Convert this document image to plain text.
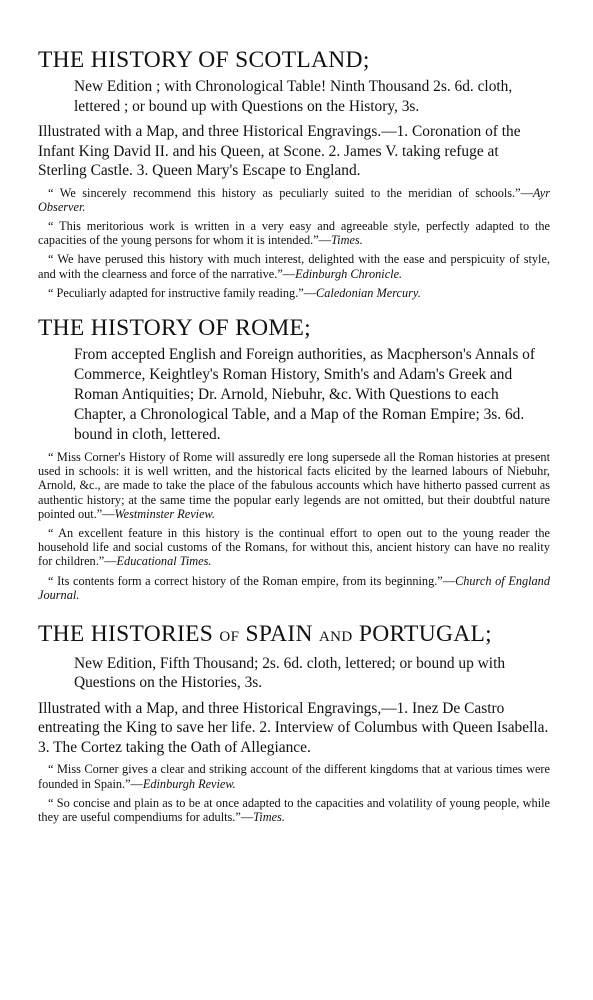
THE HISTORY OF SCOTLAND;

New Edition ; with Chronological Table! Ninth Thousand 2s. 6d. cloth, lettered ; or bound up with Questions on the History, 3s.

Illustrated with a Map, and three Historical Engravings.—1. Coronation of the Infant King David II. and his Queen, at Scone. 2. James V. taking refuge at Sterling Castle. 3. Queen Mary's Escape to England.

“ We sincerely recommend this history as peculiarly suited to the meridian of schools.”—Ayr Observer.

“ This meritorious work is written in a very easy and agreeable style, perfectly adapted to the capacities of the young persons for whom it is intended.”—Times.

“ We have perused this history with much interest, delighted with the ease and perspicuity of style, and with the clearness and force of the narrative.”—Edinburgh Chronicle.

“ Peculiarly adapted for instructive family reading.”—Caledonian Mercury.

THE HISTORY OF ROME;

From accepted English and Foreign authorities, as Macpherson's Annals of Commerce, Keightley's Roman History, Smith's and Adam's Greek and Roman Antiquities; Dr. Arnold, Niebuhr, &c. With Questions to each Chapter, a Chronological Table, and a Map of the Roman Empire; 3s. 6d. bound in cloth, lettered.

“ Miss Corner's History of Rome will assuredly ere long supersede all the Roman histories at present used in schools: it is well written, and the historical facts elicited by the learned labours of Niebuhr, Arnold, &c., are made to take the place of the fabulous accounts which have hitherto passed current as authentic history; at the same time the popular early legends are not omitted, but their doubtful nature pointed out.”—Westminster Review.

“ An excellent feature in this history is the continual effort to open out to the young reader the household life and social customs of the Romans, for without this, ancient history can have no reality for children.”—Educational Times.

“ Its contents form a correct history of the Roman empire, from its beginning.”—Church of England Journal.

THE HISTORIES OF SPAIN AND PORTUGAL;

New Edition, Fifth Thousand; 2s. 6d. cloth, lettered; or bound up with Questions on the Histories, 3s.

Illustrated with a Map, and three Historical Engravings,—1. Inez De Castro entreating the King to save her life. 2. Interview of Columbus with Queen Isabella. 3. The Cortez taking the Oath of Allegiance.

“ Miss Corner gives a clear and striking account of the different kingdoms that at various times were founded in Spain.”—Edinburgh Review.

“ So concise and plain as to be at once adapted to the capacities and volatility of young people, while they are useful compendiums for adults.”—Times.
